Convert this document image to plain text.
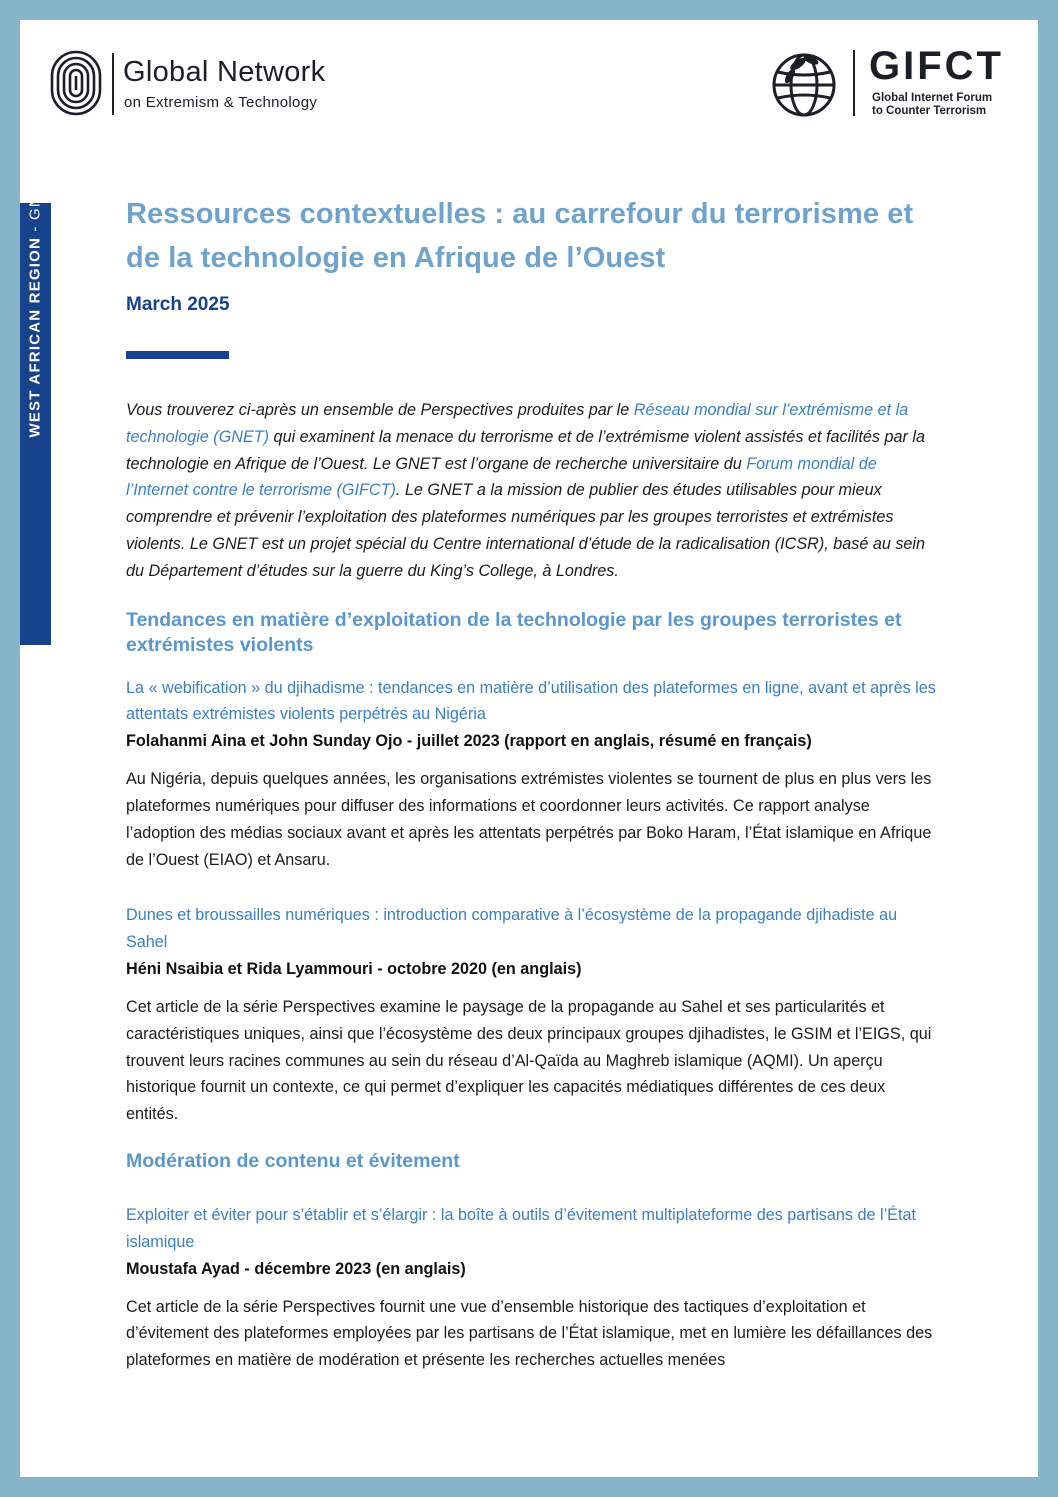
WEST AFRICAN REGION - GNET INSIGHTS 2025	Global Network
on Extremism & Technology
GIFCT
Global Internet Forum
to Counter Terrorism
Ressources contextuelles : au carrefour du terrorisme et de la technologie en Afrique de l’Ouest
March 2025

Vous trouverez ci-après un ensemble de Perspectives produites par le Réseau mondial sur l’extrémisme et la technologie (GNET) qui examinent la menace du terrorisme et de l’extrémisme violent assistés et facilités par la technologie en Afrique de l’Ouest. Le GNET est l’organe de recherche universitaire du Forum mondial de l’Internet contre le terrorisme (GIFCT). Le GNET a la mission de publier des études utilisables pour mieux comprendre et prévenir l’exploitation des plateformes numériques par les groupes terroristes et extrémistes violents. Le GNET est un projet spécial du Centre international d’étude de la radicalisation (ICSR), basé au sein du Département d’études sur la guerre du King’s College, à Londres.

Tendances en matière d’exploitation de la technologie par les groupes terroristes et extrémistes violents
La « webification » du djihadisme : tendances en matière d’utilisation des plateformes en ligne, avant et après les attentats extrémistes violents perpétrés au Nigéria
Folahanmi Aina et John Sunday Ojo - juillet 2023 (rapport en anglais, résumé en français)
Au Nigéria, depuis quelques années, les organisations extrémistes violentes se tournent de plus en plus vers les plateformes numériques pour diffuser des informations et coordonner leurs activités. Ce rapport analyse l’adoption des médias sociaux avant et après les attentats perpétrés par Boko Haram, l’État islamique en Afrique de l’Ouest (EIAO) et Ansaru.
Dunes et broussailles numériques : introduction comparative à l’écosystème de la propagande djihadiste au Sahel
Héni Nsaibia et Rida Lyammouri - octobre 2020 (en anglais)
Cet article de la série Perspectives examine le paysage de la propagande au Sahel et ses particularités et caractéristiques uniques, ainsi que l’écosystème des deux principaux groupes djihadistes, le GSIM et l’EIGS, qui trouvent leurs racines communes au sein du réseau d’Al-Qaïda au Maghreb islamique (AQMI). Un aperçu historique fournit un contexte, ce qui permet d’expliquer les capacités médiatiques différentes de ces deux entités.
Modération de contenu et évitement
Exploiter et éviter pour s’établir et s’élargir : la boîte à outils d’évitement multiplateforme des partisans de l’État islamique
Moustafa Ayad - décembre 2023 (en anglais)
Cet article de la série Perspectives fournit une vue d’ensemble historique des tactiques d’exploitation et d’évitement des plateformes employées par les partisans de l’État islamique, met en lumière les défaillances des plateformes en matière de modération et présente les recherches actuelles menées
